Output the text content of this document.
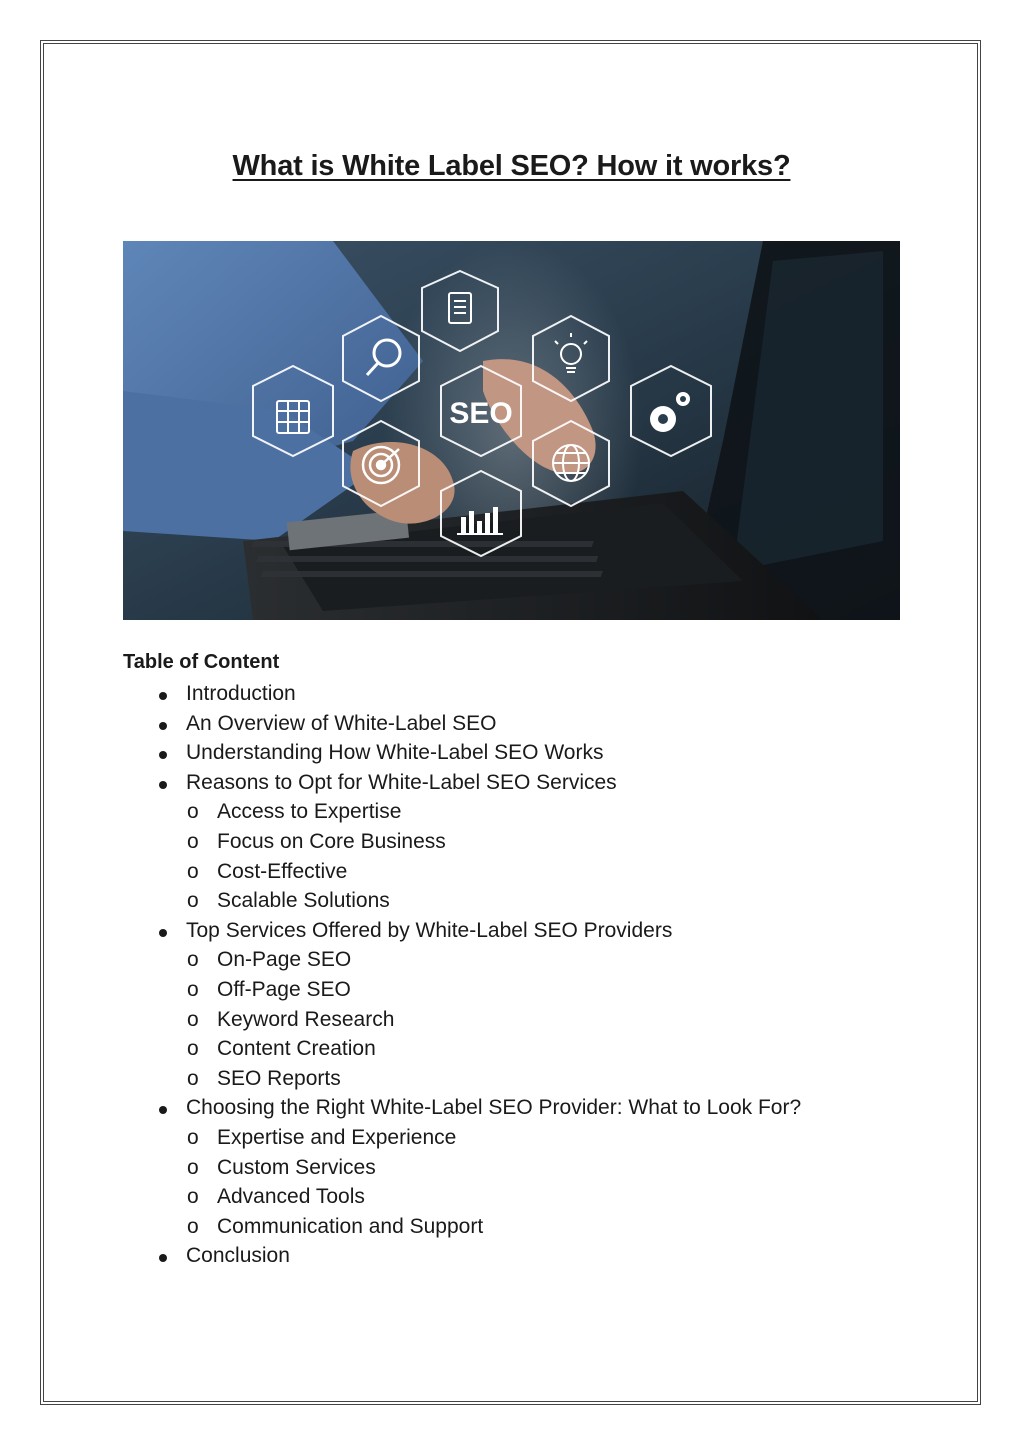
What is White Label SEO? How it works?
SEO
Table of Content
Introduction
An Overview of White-Label SEO
Understanding How White-Label SEO Works
Reasons to Opt for White-Label SEO Services
o Access to Expertise
o Focus on Core Business
o Cost-Effective
o Scalable Solutions
Top Services Offered by White-Label SEO Providers
o On-Page SEO
o Off-Page SEO
o Keyword Research
o Content Creation
o SEO Reports
Choosing the Right White-Label SEO Provider: What to Look For?
o Expertise and Experience
o Custom Services
o Advanced Tools
o Communication and Support
Conclusion
